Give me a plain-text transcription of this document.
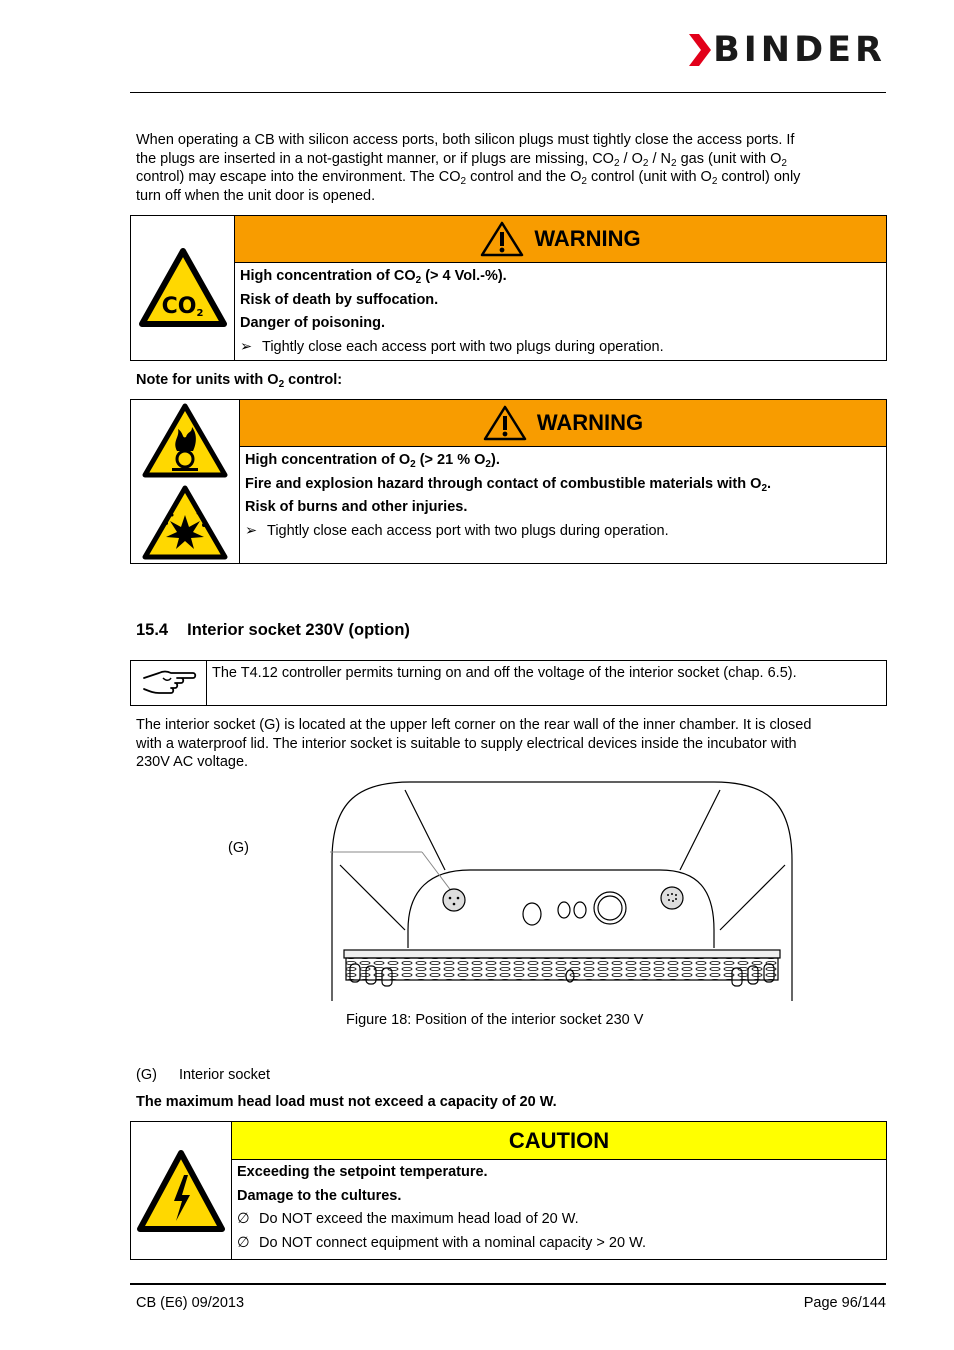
BINDER
When operating a CB with silicon access ports, both silicon plugs must tightly close the access ports. If
the plugs are inserted in a not-gastight manner, or if plugs are missing, $CO_2 / O_2 / N_2$ gas (unit with $O_2$
control) may escape into the environment. The $CO_2$ control and the $O_2$ control (unit with $O_2$ control) only
turn off when the unit door is opened.
CO 2
WARNING
High concentration of $CO_2$ (> 4 Vol.-%).
Risk of death by suffocation.
Danger of poisoning.
➢ Tightly close each access port with two plugs during operation.
Note for units with $O_2$ control:
WARNING
High concentration of $O_2$ (> 21 % $O_2$).
Fire and explosion hazard through contact of combustible materials with $O_2$.
Risk of burns and other injuries.
➢ Tightly close each access port with two plugs during operation.
15.4 Interior socket 230V (option)
The T4.12 controller permits turning on and off the voltage of the interior socket (chap. 6.5).
The interior socket (G) is located at the upper left corner on the rear wall of the inner chamber. It is closed
with a waterproof lid. The interior socket is suitable to supply electrical devices inside the incubator with
230V AC voltage.
(G)
Figure 18: Position of the interior socket 230 V
(G) Interior socket
The maximum head load must not exceed a capacity of 20 W.
CAUTION
Exceeding the setpoint temperature.
Damage to the cultures.
∅ Do NOT exceed the maximum head load of 20 W.
∅ Do NOT connect equipment with a nominal capacity > 20 W.
CB (E6) 09/2013	Page 96/144
